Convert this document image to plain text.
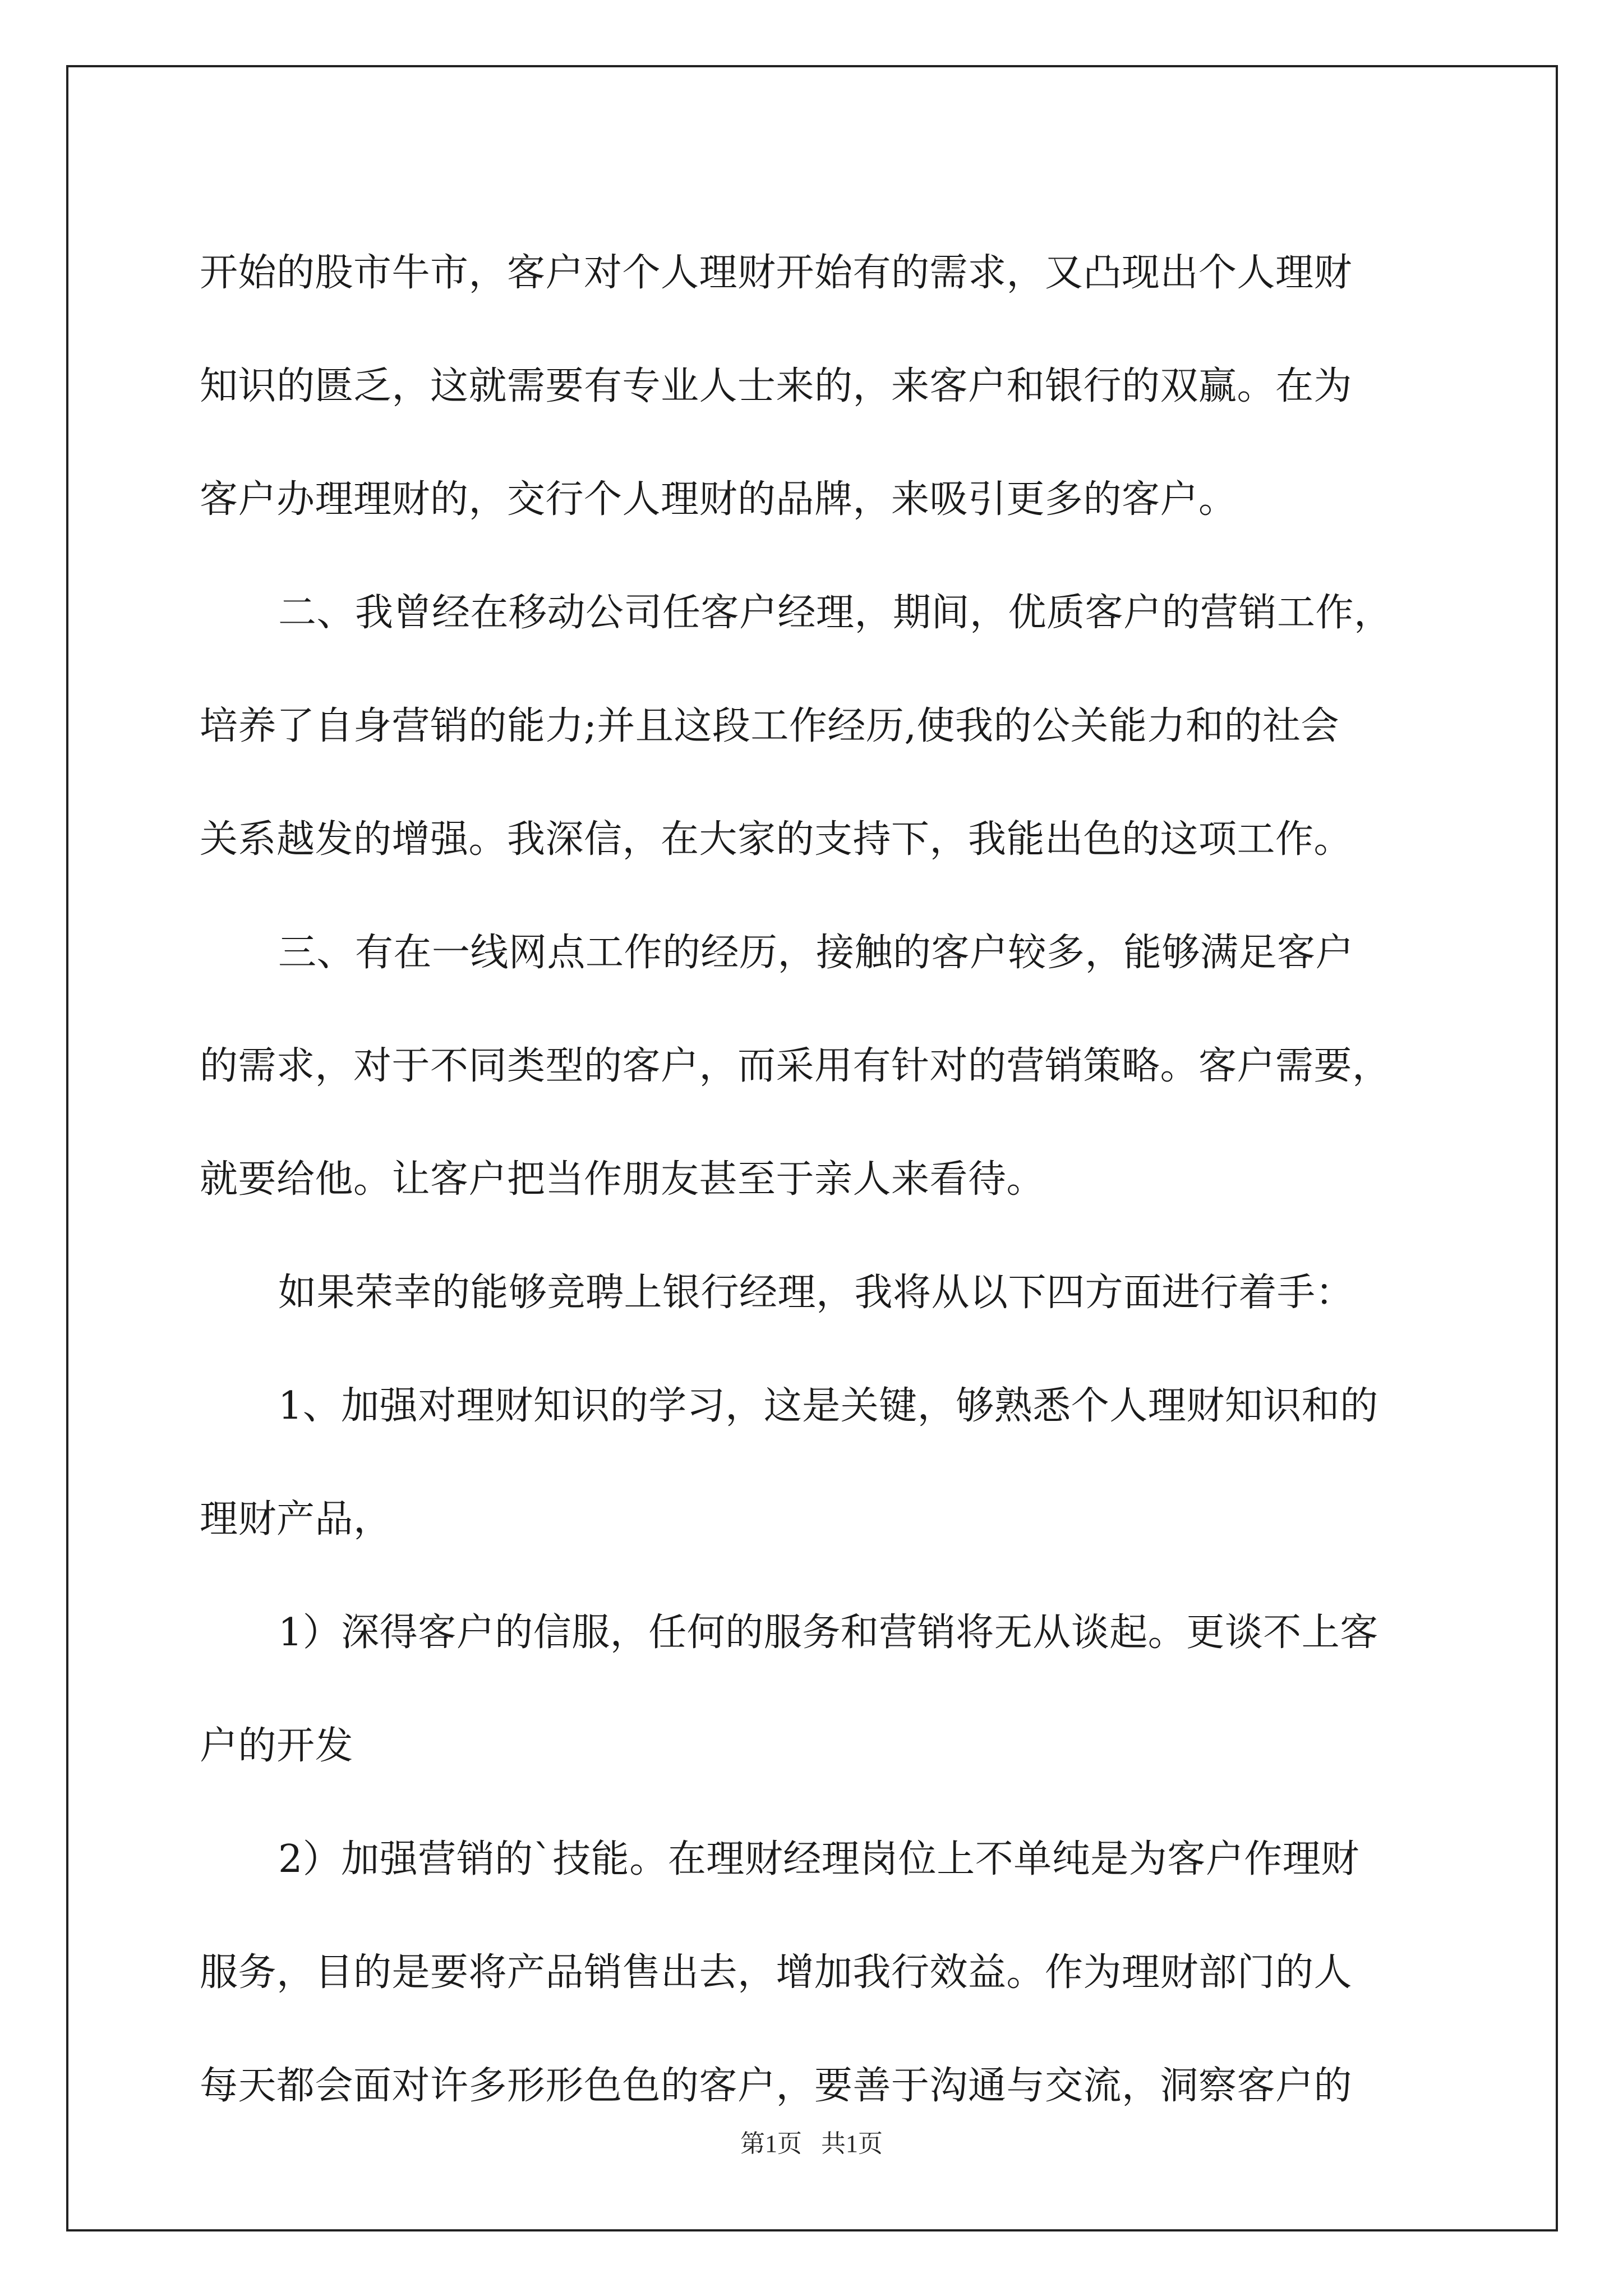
开始的股市牛市，客户对个人理财开始有的需求，又凸现出个人理财
知识的匮乏，这就需要有专业人士来的，来客户和银行的双赢。在为
客户办理理财的，交行个人理财的品牌，来吸引更多的客户。
二、我曾经在移动公司任客户经理，期间，优质客户的营销工作，
培养了自身营销的能力;并且这段工作经历,使我的公关能力和的社会
关系越发的增强。我深信，在大家的支持下，我能出色的这项工作。
三、有在一线网点工作的经历，接触的客户较多，能够满足客户
的需求，对于不同类型的客户，而采用有针对的营销策略。客户需要，
就要给他。让客户把当作朋友甚至于亲人来看待。
如果荣幸的能够竞聘上银行经理，我将从以下四方面进行着手：
1、加强对理财知识的学习，这是关键，够熟悉个人理财知识和的
理财产品，
1）深得客户的信服，任何的服务和营销将无从谈起。更谈不上客
户的开发
2）加强营销的`技能。在理财经理岗位上不单纯是为客户作理财
服务，目的是要将产品销售出去，增加我行效益。作为理财部门的人
每天都会面对许多形形色色的客户，要善于沟通与交流，洞察客户的
第1页 共1页
